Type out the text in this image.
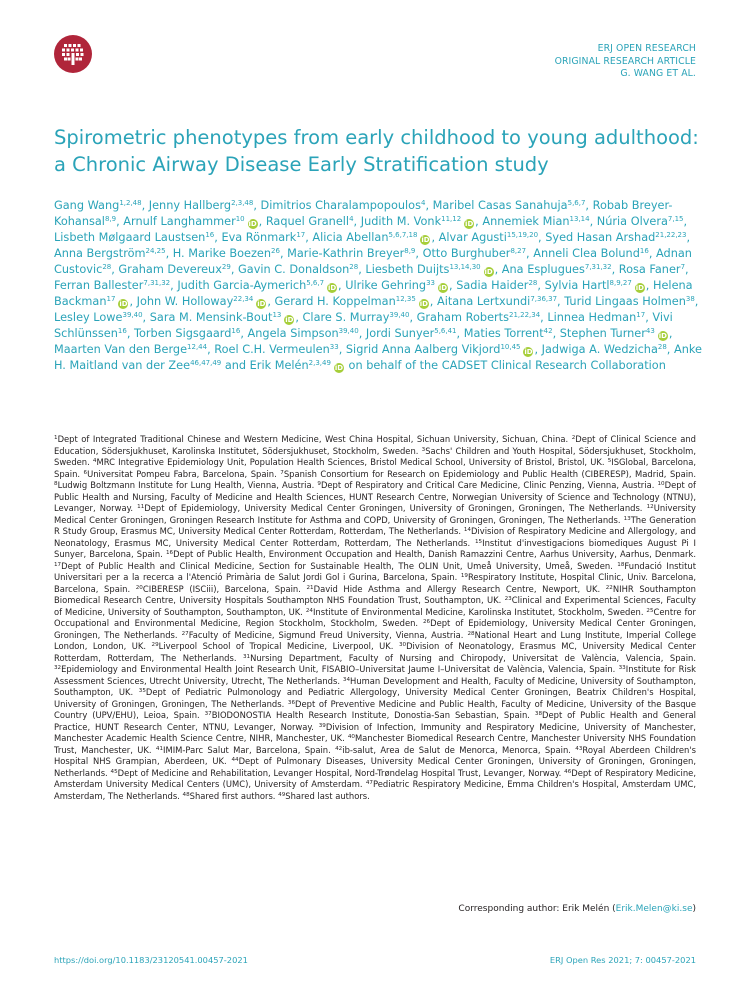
ERJ OPEN RESEARCH
ORIGINAL RESEARCH ARTICLE
G. WANG ET AL.
Spirometric phenotypes from early childhood to young adulthood: a Chronic Airway Disease Early Stratification study

Gang Wang$^{1,2,48}$, Jenny Hallberg$^{2,3,48}$, Dimitrios Charalampopoulos$^4$, Maribel Casas Sanahuja$^{5,6,7}$, Robab Breyer-Kohansal$^{8,9}$, Arnulf Langhammer$^{10}$iD , Raquel Granell$^4$, Judith M. Vonk$^{11,12}$iD , Annemiek Mian$^{13,14}$, Núria Olvera$^{7,15}$, Lisbeth Mølgaard Laustsen$^{16}$, Eva Rönmark$^{17}$, Alicia Abellan$^{5,6,7,18}$iD , Alvar Agusti$^{15,19,20}$, Syed Hasan Arshad$^{21,22,23}$, Anna Bergström$^{24,25}$, H. Marike Boezen$^{26}$, Marie-Kathrin Breyer$^{8,9}$, Otto Burghuber$^{8,27}$, Anneli Clea Bolund$^{16}$, Adnan Custovic$^{28}$, Graham Devereux$^{29}$, Gavin C. Donaldson$^{28}$, Liesbeth Duijts$^{13,14,30}$iD , Ana Esplugues$^{7,31,32}$, Rosa Faner$^7$, Ferran Ballester$^{7,31,32}$, Judith Garcia-Aymerich$^{5,6,7}$iD , Ulrike Gehring$^{33}$iD , Sadia Haider$^{28}$, Sylvia Hartl$^{8,9,27}$iD , Helena Backman$^{17}$iD , John W. Holloway$^{22,34}$iD , Gerard H. Koppelman$^{12,35}$iD , Aitana Lertxundi$^{7,36,37}$, Turid Lingaas Holmen$^{38}$, Lesley Lowe$^{39,40}$, Sara M. Mensink-Bout$^{13}$iD , Clare S. Murray$^{39,40}$, Graham Roberts$^{21,22,34}$, Linnea Hedman$^{17}$, Vivi Schlünssen$^{16}$, Torben Sigsgaard$^{16}$, Angela Simpson$^{39,40}$, Jordi Sunyer$^{5,6,41}$, Maties Torrent$^{42}$, Stephen Turner$^{43}$iD , Maarten Van den Berge$^{12,44}$, Roel C.H. Vermeulen$^{33}$, Sigrid Anna Aalberg Vikjord$^{10,45}$iD , Jadwiga A. Wedzicha$^{28}$, Anke H. Maitland van der Zee$^{46,47,49}$ and Erik Melén$^{2,3,49}$iD on behalf of the CADSET Clinical Research Collaboration

$^1$Dept of Integrated Traditional Chinese and Western Medicine, West China Hospital, Sichuan University, Sichuan, China. $^2$Dept of Clinical Science and Education, Södersjukhuset, Karolinska Institutet, Södersjukhuset, Stockholm, Sweden. $^3$Sachs' Children and Youth Hospital, Södersjukhuset, Stockholm, Sweden. $^4$MRC Integrative Epidemiology Unit, Population Health Sciences, Bristol Medical School, University of Bristol, Bristol, UK. $^5$ISGlobal, Barcelona, Spain. $^6$Universitat Pompeu Fabra, Barcelona, Spain. $^7$Spanish Consortium for Research on Epidemiology and Public Health (CIBERESP), Madrid, Spain. $^8$Ludwig Boltzmann Institute for Lung Health, Vienna, Austria. $^9$Dept of Respiratory and Critical Care Medicine, Clinic Penzing, Vienna, Austria. $^{10}$Dept of Public Health and Nursing, Faculty of Medicine and Health Sciences, HUNT Research Centre, Norwegian University of Science and Technology (NTNU), Levanger, Norway. $^{11}$Dept of Epidemiology, University Medical Center Groningen, University of Groningen, Groningen, The Netherlands. $^{12}$University Medical Center Groningen, Groningen Research Institute for Asthma and COPD, University of Groningen, Groningen, The Netherlands. $^{13}$The Generation R Study Group, Erasmus MC, University Medical Center Rotterdam, Rotterdam, The Netherlands. $^{14}$Division of Respiratory Medicine and Allergology, and Neonatology, Erasmus MC, University Medical Center Rotterdam, Rotterdam, The Netherlands. $^{15}$Institut d'investigacions biomediques August Pi I Sunyer, Barcelona, Spain. $^{16}$Dept of Public Health, Environment Occupation and Health, Danish Ramazzini Centre, Aarhus University, Aarhus, Denmark. $^{17}$Dept of Public Health and Clinical Medicine, Section for Sustainable Health, The OLIN Unit, Umeå University, Umeå, Sweden. $^{18}$Fundació Institut Universitari per a la recerca a l'Atenció Primària de Salut Jordi Gol i Gurina, Barcelona, Spain. $^{19}$Respiratory Institute, Hospital Clinic, Univ. Barcelona, Barcelona, Spain. $^{20}$CIBERESP (ISCiii), Barcelona, Spain. $^{21}$David Hide Asthma and Allergy Research Centre, Newport, UK. $^{22}$NIHR Southampton Biomedical Research Centre, University Hospitals Southampton NHS Foundation Trust, Southampton, UK. $^{23}$Clinical and Experimental Sciences, Faculty of Medicine, University of Southampton, Southampton, UK. $^{24}$Institute of Environmental Medicine, Karolinska Institutet, Stockholm, Sweden. $^{25}$Centre for Occupational and Environmental Medicine, Region Stockholm, Stockholm, Sweden. $^{26}$Dept of Epidemiology, University Medical Center Groningen, Groningen, The Netherlands. $^{27}$Faculty of Medicine, Sigmund Freud University, Vienna, Austria. $^{28}$National Heart and Lung Institute, Imperial College London, London, UK. $^{29}$Liverpool School of Tropical Medicine, Liverpool, UK. $^{30}$Division of Neonatology, Erasmus MC, University Medical Center Rotterdam, Rotterdam, The Netherlands. $^{31}$Nursing Department, Faculty of Nursing and Chiropody, Universitat de València, Valencia, Spain. $^{32}$Epidemiology and Environmental Health Joint Research Unit, FISABIO–Universitat Jaume I–Universitat de València, Valencia, Spain. $^{33}$Institute for Risk Assessment Sciences, Utrecht University, Utrecht, The Netherlands. $^{34}$Human Development and Health, Faculty of Medicine, University of Southampton, Southampton, UK. $^{35}$Dept of Pediatric Pulmonology and Pediatric Allergology, University Medical Center Groningen, Beatrix Children's Hospital, University of Groningen, Groningen, The Netherlands. $^{36}$Dept of Preventive Medicine and Public Health, Faculty of Medicine, University of the Basque Country (UPV/EHU), Leioa, Spain. $^{37}$BIODONOSTIA Health Research Institute, Donostia-San Sebastian, Spain. $^{38}$Dept of Public Health and General Practice, HUNT Research Center, NTNU, Levanger, Norway. $^{39}$Division of Infection, Immunity and Respiratory Medicine, University of Manchester, Manchester Academic Health Science Centre, NIHR, Manchester, UK. $^{40}$Manchester Biomedical Research Centre, Manchester University NHS Foundation Trust, Manchester, UK. $^{41}$IMIM-Parc Salut Mar, Barcelona, Spain. $^{42}$ib-salut, Area de Salut de Menorca, Menorca, Spain. $^{43}$Royal Aberdeen Children's Hospital NHS Grampian, Aberdeen, UK. $^{44}$Dept of Pulmonary Diseases, University Medical Center Groningen, University of Groningen, Groningen, Netherlands. $^{45}$Dept of Medicine and Rehabilitation, Levanger Hospital, Nord-Trøndelag Hospital Trust, Levanger, Norway. $^{46}$Dept of Respiratory Medicine, Amsterdam University Medical Centers (UMC), University of Amsterdam. $^{47}$Pediatric Respiratory Medicine, Emma Children's Hospital, Amsterdam UMC, Amsterdam, The Netherlands. $^{48}$Shared first authors. $^{49}$Shared last authors.

Corresponding author: Erik Melén (Erik.Melen@ki.se)
https://doi.org/10.1183/23120541.00457-2021	ERJ Open Res 2021; 7: 00457-2021
